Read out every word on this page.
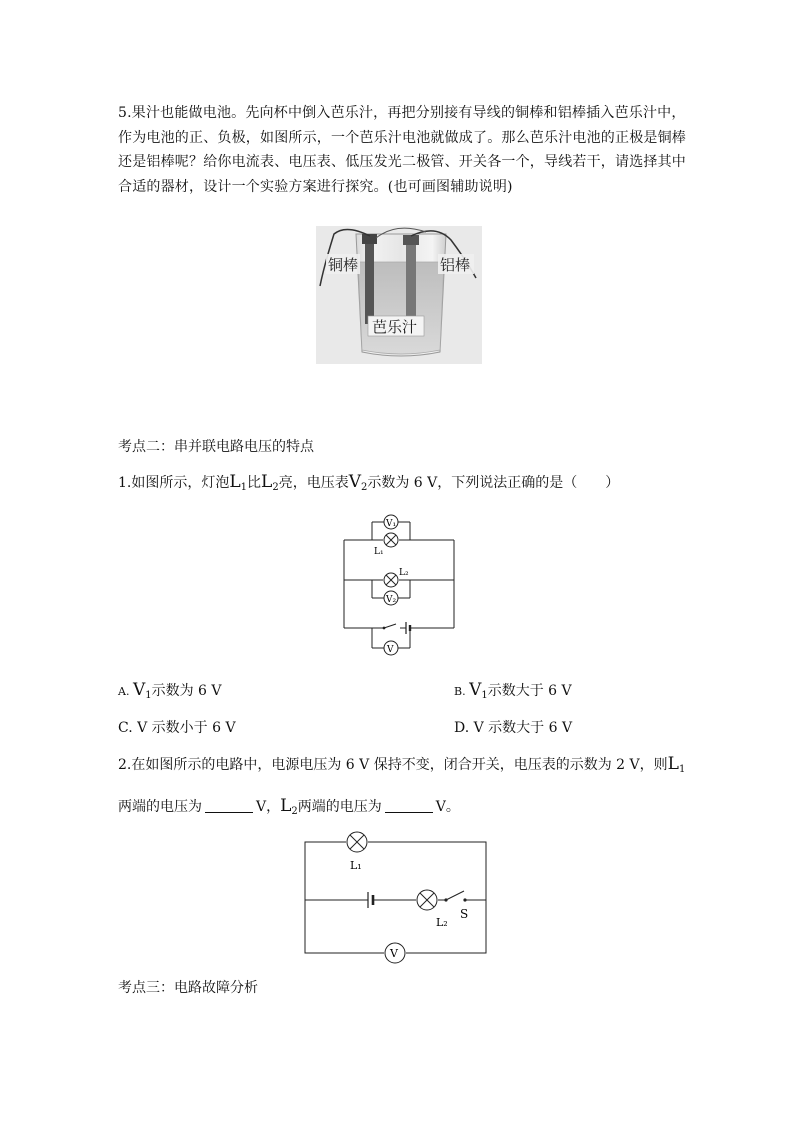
5.果汁也能做电池。先向杯中倒入芭乐汁，再把分别接有导线的铜棒和铝棒插入芭乐汁中，
作为电池的正、负极，如图所示，一个芭乐汁电池就做成了。那么芭乐汁电池的正极是铜棒
还是铝棒呢？给你电流表、电压表、低压发光二极管、开关各一个，导线若干，请选择其中
合适的器材，设计一个实验方案进行探究。(也可画图辅助说明)
铜棒	铝棒
芭乐汁
考点二：串并联电路电压的特点
1.如图所示，灯泡$L_1$比$L_2$亮，电压表$V_2$示数为 6 V，下列说法正确的是（　　）
V₁
L₁
L₂
V₂
V
A. $V_1$示数为 6 V	B. $V_1$示数大于 6 V
C. V 示数小于 6 V	D. V 示数大于 6 V
2.在如图所示的电路中，电源电压为 6 V 保持不变，闭合开关，电压表的示数为 2 V，则$L_1$
两端的电压为	V，$L_2$两端的电压为	V。
L₁
L₂
S
V
考点三：电路故障分析
